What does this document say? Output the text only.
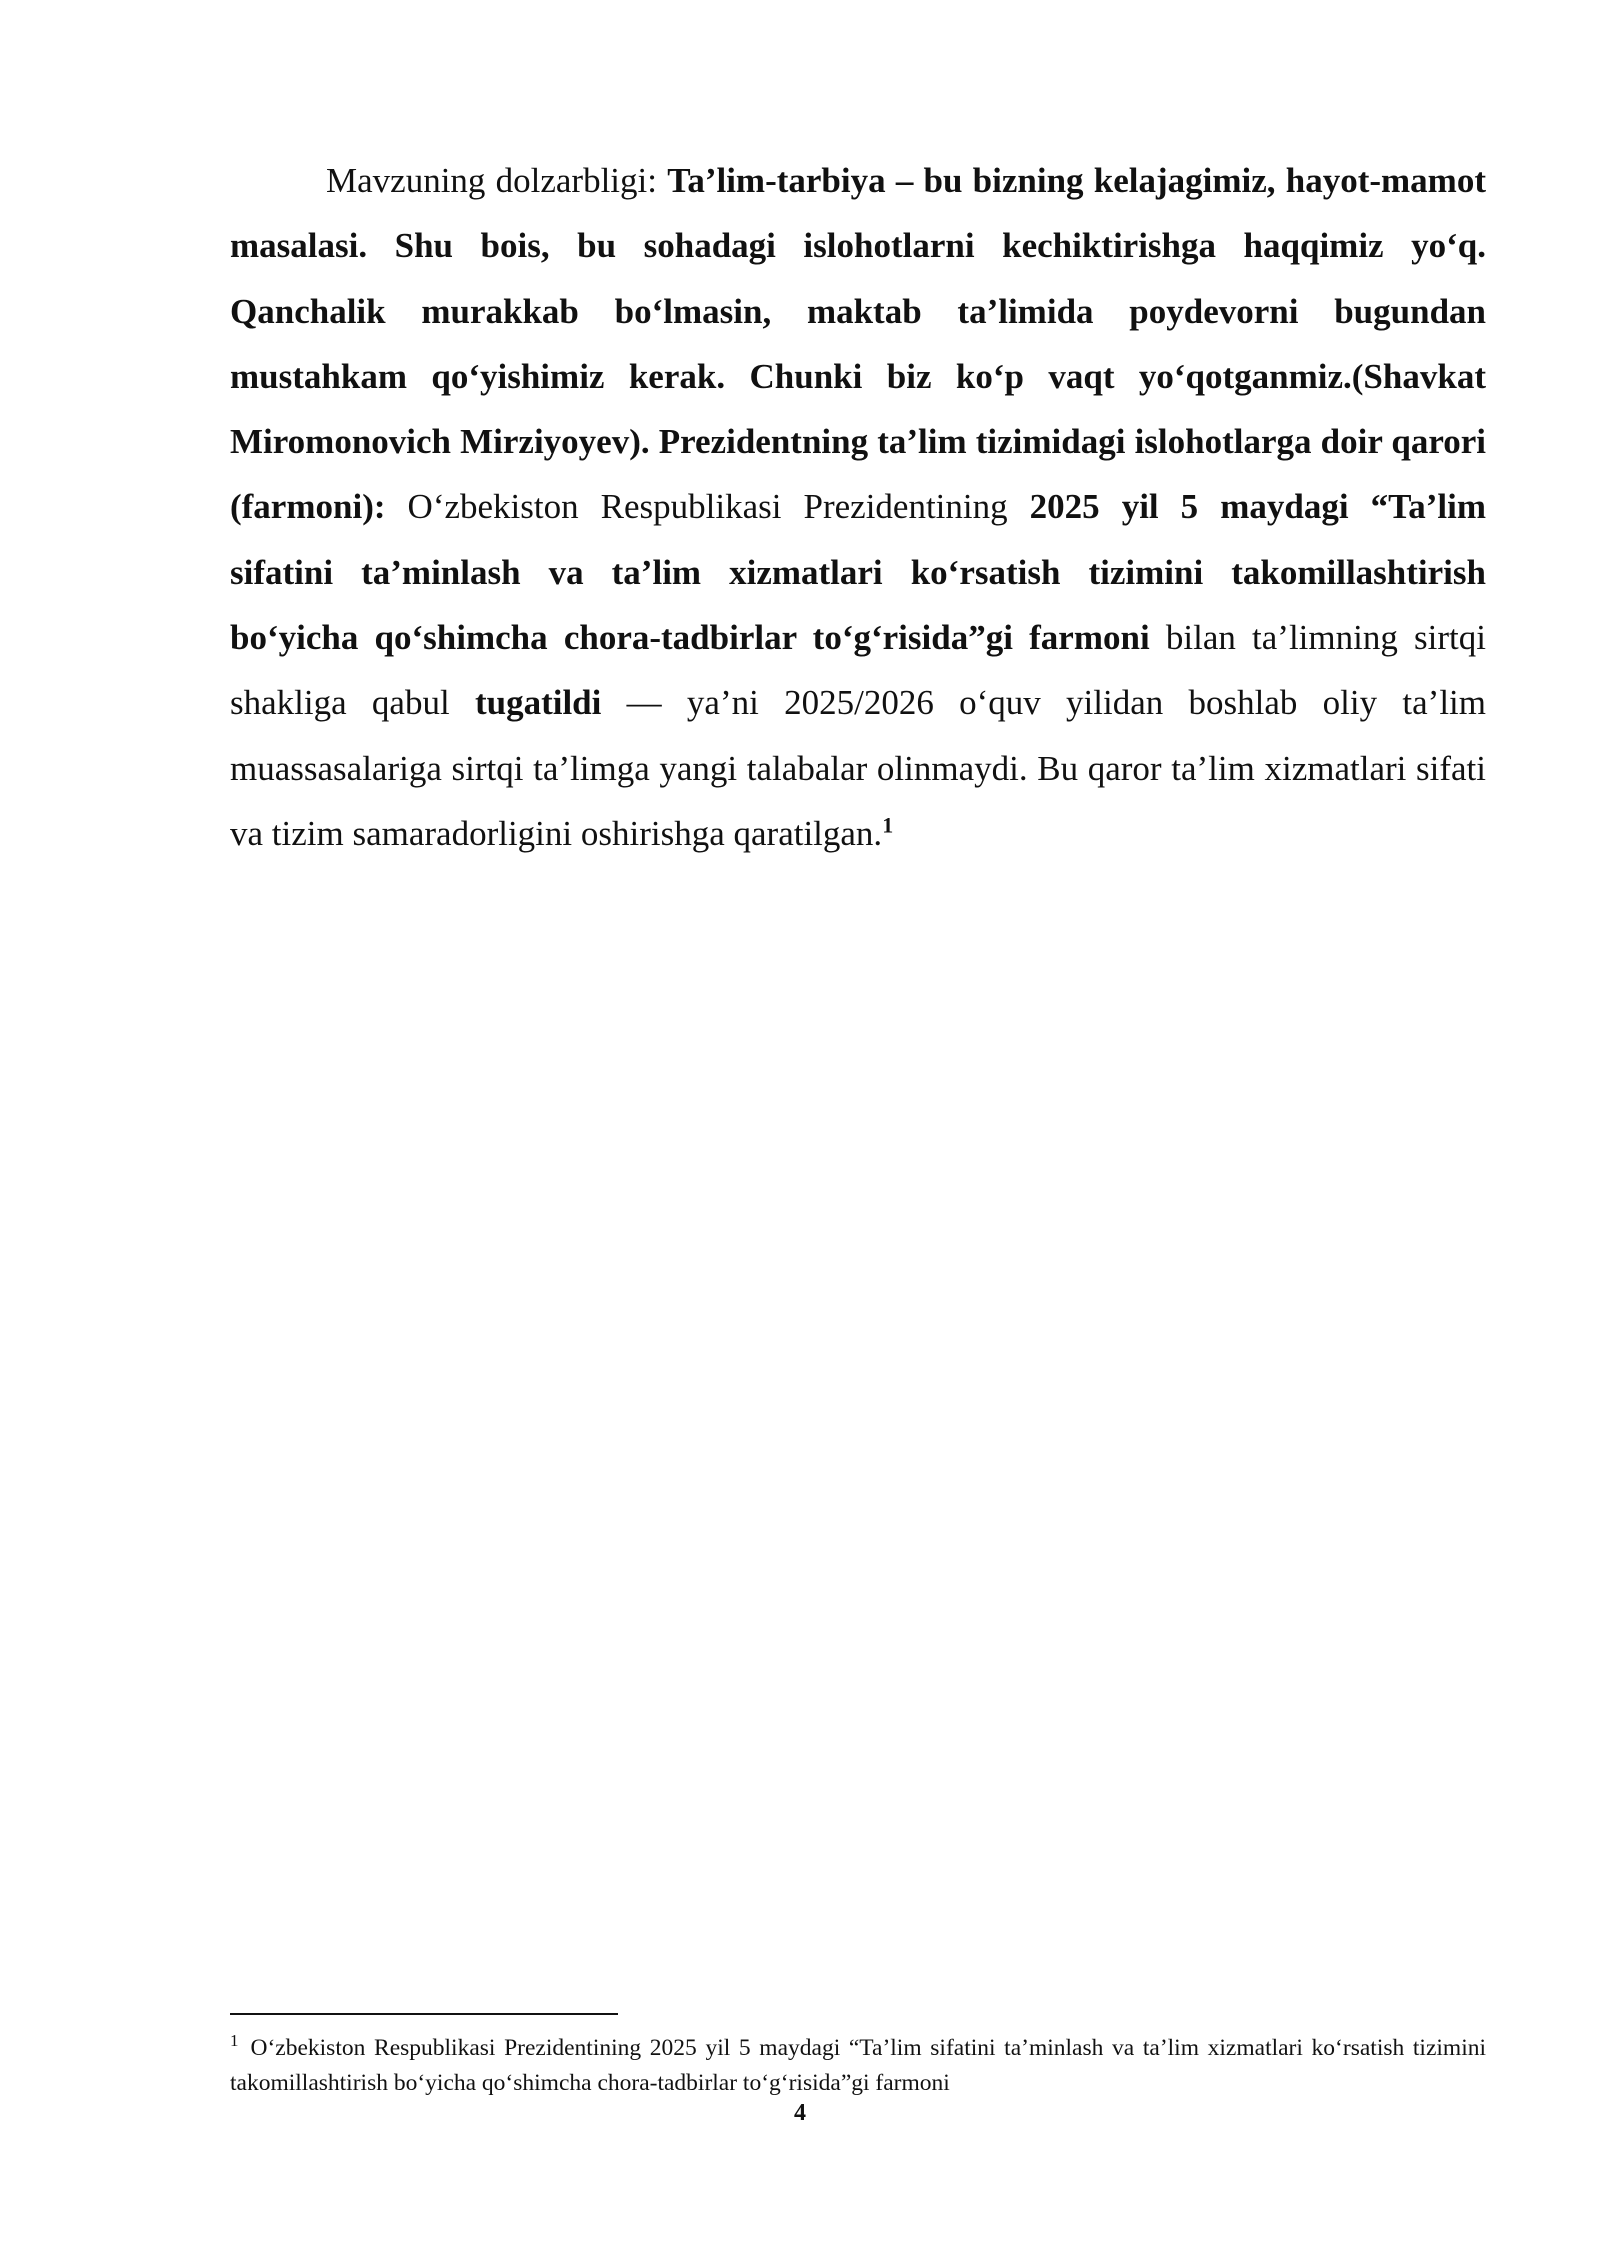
Mavzuning dolzarbligi: Ta’lim-tarbiya – bu bizning kelajagimiz, hayot-mamot masalasi. Shu bois, bu sohadagi islohotlarni kechiktirishga haqqimiz yo‘q. Qanchalik murakkab bo‘lmasin, maktab ta’limida poydevorni bugundan mustahkam qo‘yishimiz kerak. Chunki biz ko‘p vaqt yo‘qotganmiz.(Shavkat Miromonovich Mirziyoyev). Prezidentning ta’lim tizimidagi islohotlarga doir qarori (farmoni): O‘zbekiston Respublikasi Prezidentining 2025 yil 5 maydagi “Ta’lim sifatini ta’minlash va ta’lim xizmatlari ko‘rsatish tizimini takomillashtirish bo‘yicha qo‘shimcha chora-tadbirlar to‘g‘risida”gi farmoni bilan ta’limning sirtqi shakliga qabul tugatildi — ya’ni 2025/2026 o‘quv yilidan boshlab oliy ta’lim muassasalariga sirtqi ta’limga yangi talabalar olinmaydi. Bu qaror ta’lim xizmatlari sifati va tizim samaradorligini oshirishga qaratilgan.$^1$

$^1$ O‘zbekiston Respublikasi Prezidentining 2025 yil 5 maydagi “Ta’lim sifatini ta’minlash va ta’lim xizmatlari ko‘rsatish tizimini takomillashtirish bo‘yicha qo‘shimcha chora-tadbirlar to‘g‘risida”gi farmoni

4
